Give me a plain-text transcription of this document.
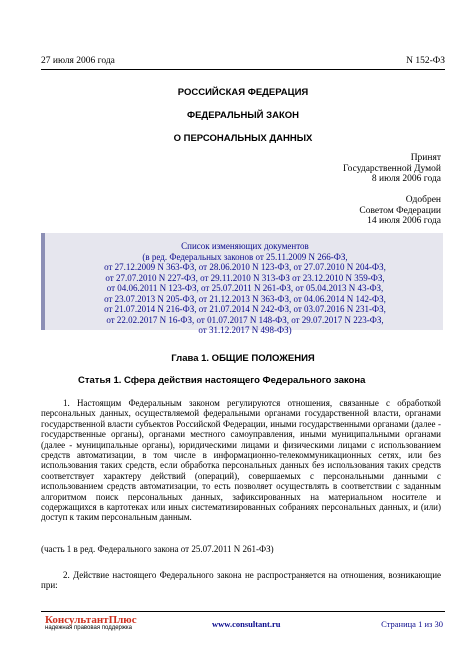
27 июля 2006 года	N 152-ФЗ
РОССИЙСКАЯ ФЕДЕРАЦИЯ
ФЕДЕРАЛЬНЫЙ ЗАКОН
О ПЕРСОНАЛЬНЫХ ДАННЫХ
Принят
Государственной Думой
8 июля 2006 года
Одобрен
Советом Федерации
14 июля 2006 года
Список изменяющих документов
(в ред. Федеральных законов от 25.11.2009 N 266-ФЗ,
от 27.12.2009 N 363-ФЗ, от 28.06.2010 N 123-ФЗ, от 27.07.2010 N 204-ФЗ,
от 27.07.2010 N 227-ФЗ, от 29.11.2010 N 313-ФЗ от 23.12.2010 N 359-ФЗ,
от 04.06.2011 N 123-ФЗ, от 25.07.2011 N 261-ФЗ, от 05.04.2013 N 43-ФЗ,
от 23.07.2013 N 205-ФЗ, от 21.12.2013 N 363-ФЗ, от 04.06.2014 N 142-ФЗ,
от 21.07.2014 N 216-ФЗ, от 21.07.2014 N 242-ФЗ, от 03.07.2016 N 231-ФЗ,
от 22.02.2017 N 16-ФЗ, от 01.07.2017 N 148-ФЗ, от 29.07.2017 N 223-ФЗ,
от 31.12.2017 N 498-ФЗ)
Глава 1. ОБЩИЕ ПОЛОЖЕНИЯ
Статья 1. Сфера действия настоящего Федерального закона
1. Настоящим Федеральным законом регулируются отношения, связанные с обработкой персональных данных, осуществляемой федеральными органами государственной власти, органами государственной власти субъектов Российской Федерации, иными государственными органами (далее - государственные органы), органами местного самоуправления, иными муниципальными органами (далее - муниципальные органы), юридическими лицами и физическими лицами с использованием средств автоматизации, в том числе в информационно-телекоммуникационных сетях, или без использования таких средств, если обработка персональных данных без использования таких средств соответствует характеру действий (операций), совершаемых с персональными данными с использованием средств автоматизации, то есть позволяет осуществлять в соответствии с заданным алгоритмом поиск персональных данных, зафиксированных на материальном носителе и содержащихся в картотеках или иных систематизированных собраниях персональных данных, и (или) доступ к таким персональным данным.
(часть 1 в ред. Федерального закона от 25.07.2011 N 261-ФЗ)
2. Действие настоящего Федерального закона не распространяется на отношения, возникающие при:
КонсультантПлюс
надежная правовая поддержка	www.consultant.ru	Страница 1 из 30
